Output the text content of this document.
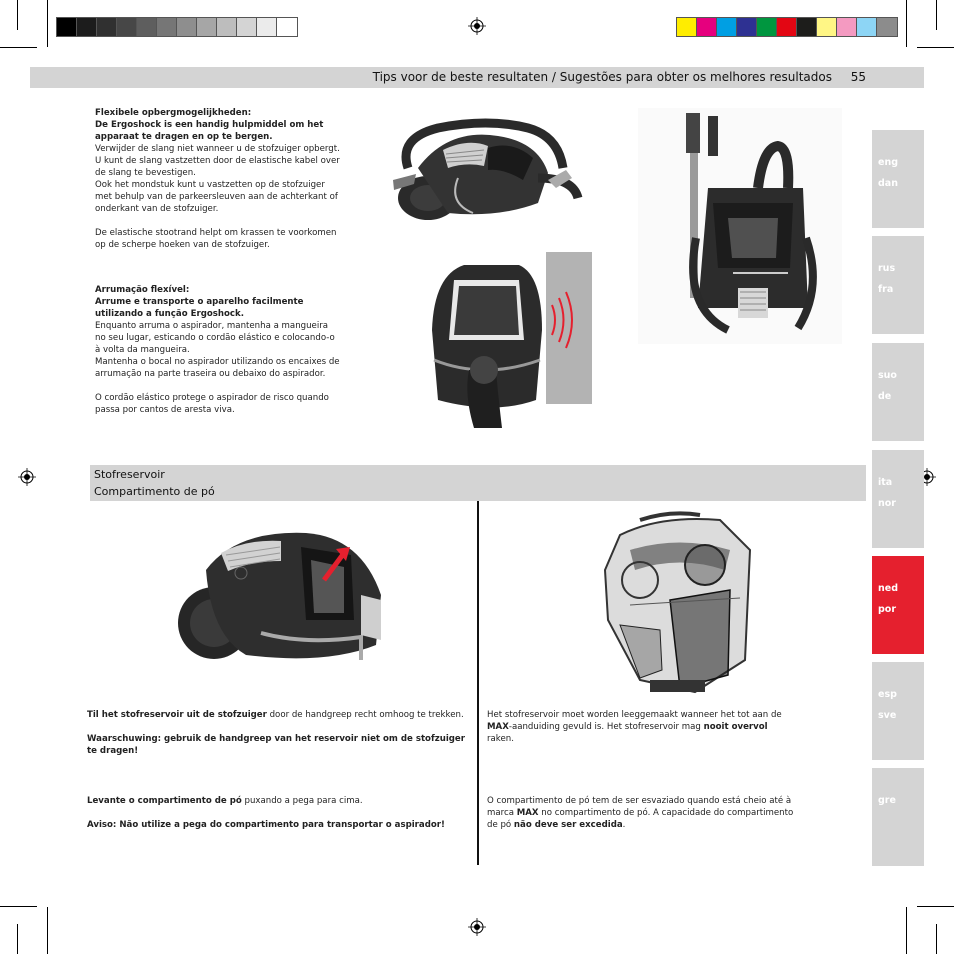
Tips voor de beste resultaten / Sugestões para obter os melhores resultados 55
eng
dan
rus
fra
suo
de
ita
nor
ned
por
esp
sve
gre

Flexibele opbergmogelijkheden:

De Ergoshock is een handig hulpmiddel om het apparaat te dragen en op te bergen.

Verwijder de slang niet wanneer u de stofzuiger opbergt. U kunt de slang vastzetten door de elastische kabel over de slang te bevestigen.

Ook het mondstuk kunt u vastzetten op de stofzuiger met behulp van de parkeersleuven aan de achterkant of onderkant van de stofzuiger.

De elastische stootrand helpt om krassen te voorkomen op de scherpe hoeken van de stofzuiger.

Arrumação flexível:

Arrume e transporte o aparelho facilmente utilizando a função Ergoshock.

Enquanto arruma o aspirador, mantenha a mangueira no seu lugar, esticando o cordão elástico e colocando-o à volta da mangueira.

Mantenha o bocal no aspirador utilizando os encaixes de arrumação na parte traseira ou debaixo do aspirador.

O cordão elástico protege o aspirador de risco quando passa por cantos de aresta viva.

Stofreservoir
Compartimento de pó

Til het stofreservoir uit de stofzuiger door de handgreep recht omhoog te trekken.

Waarschuwing: gebruik de handgreep van het reservoir niet om de stofzuiger te dragen!

Levante o compartimento de pó puxando a pega para cima.

Aviso: Não utilize a pega do compartimento para transportar o aspirador!

Het stofreservoir moet worden leeggemaakt wanneer het tot aan de MAX-aanduiding gevuld is. Het stofreservoir mag nooit overvol raken.

O compartimento de pó tem de ser esvaziado quando está cheio até à marca MAX no compartimento de pó. A capacidade do compartimento de pó não deve ser excedida.
